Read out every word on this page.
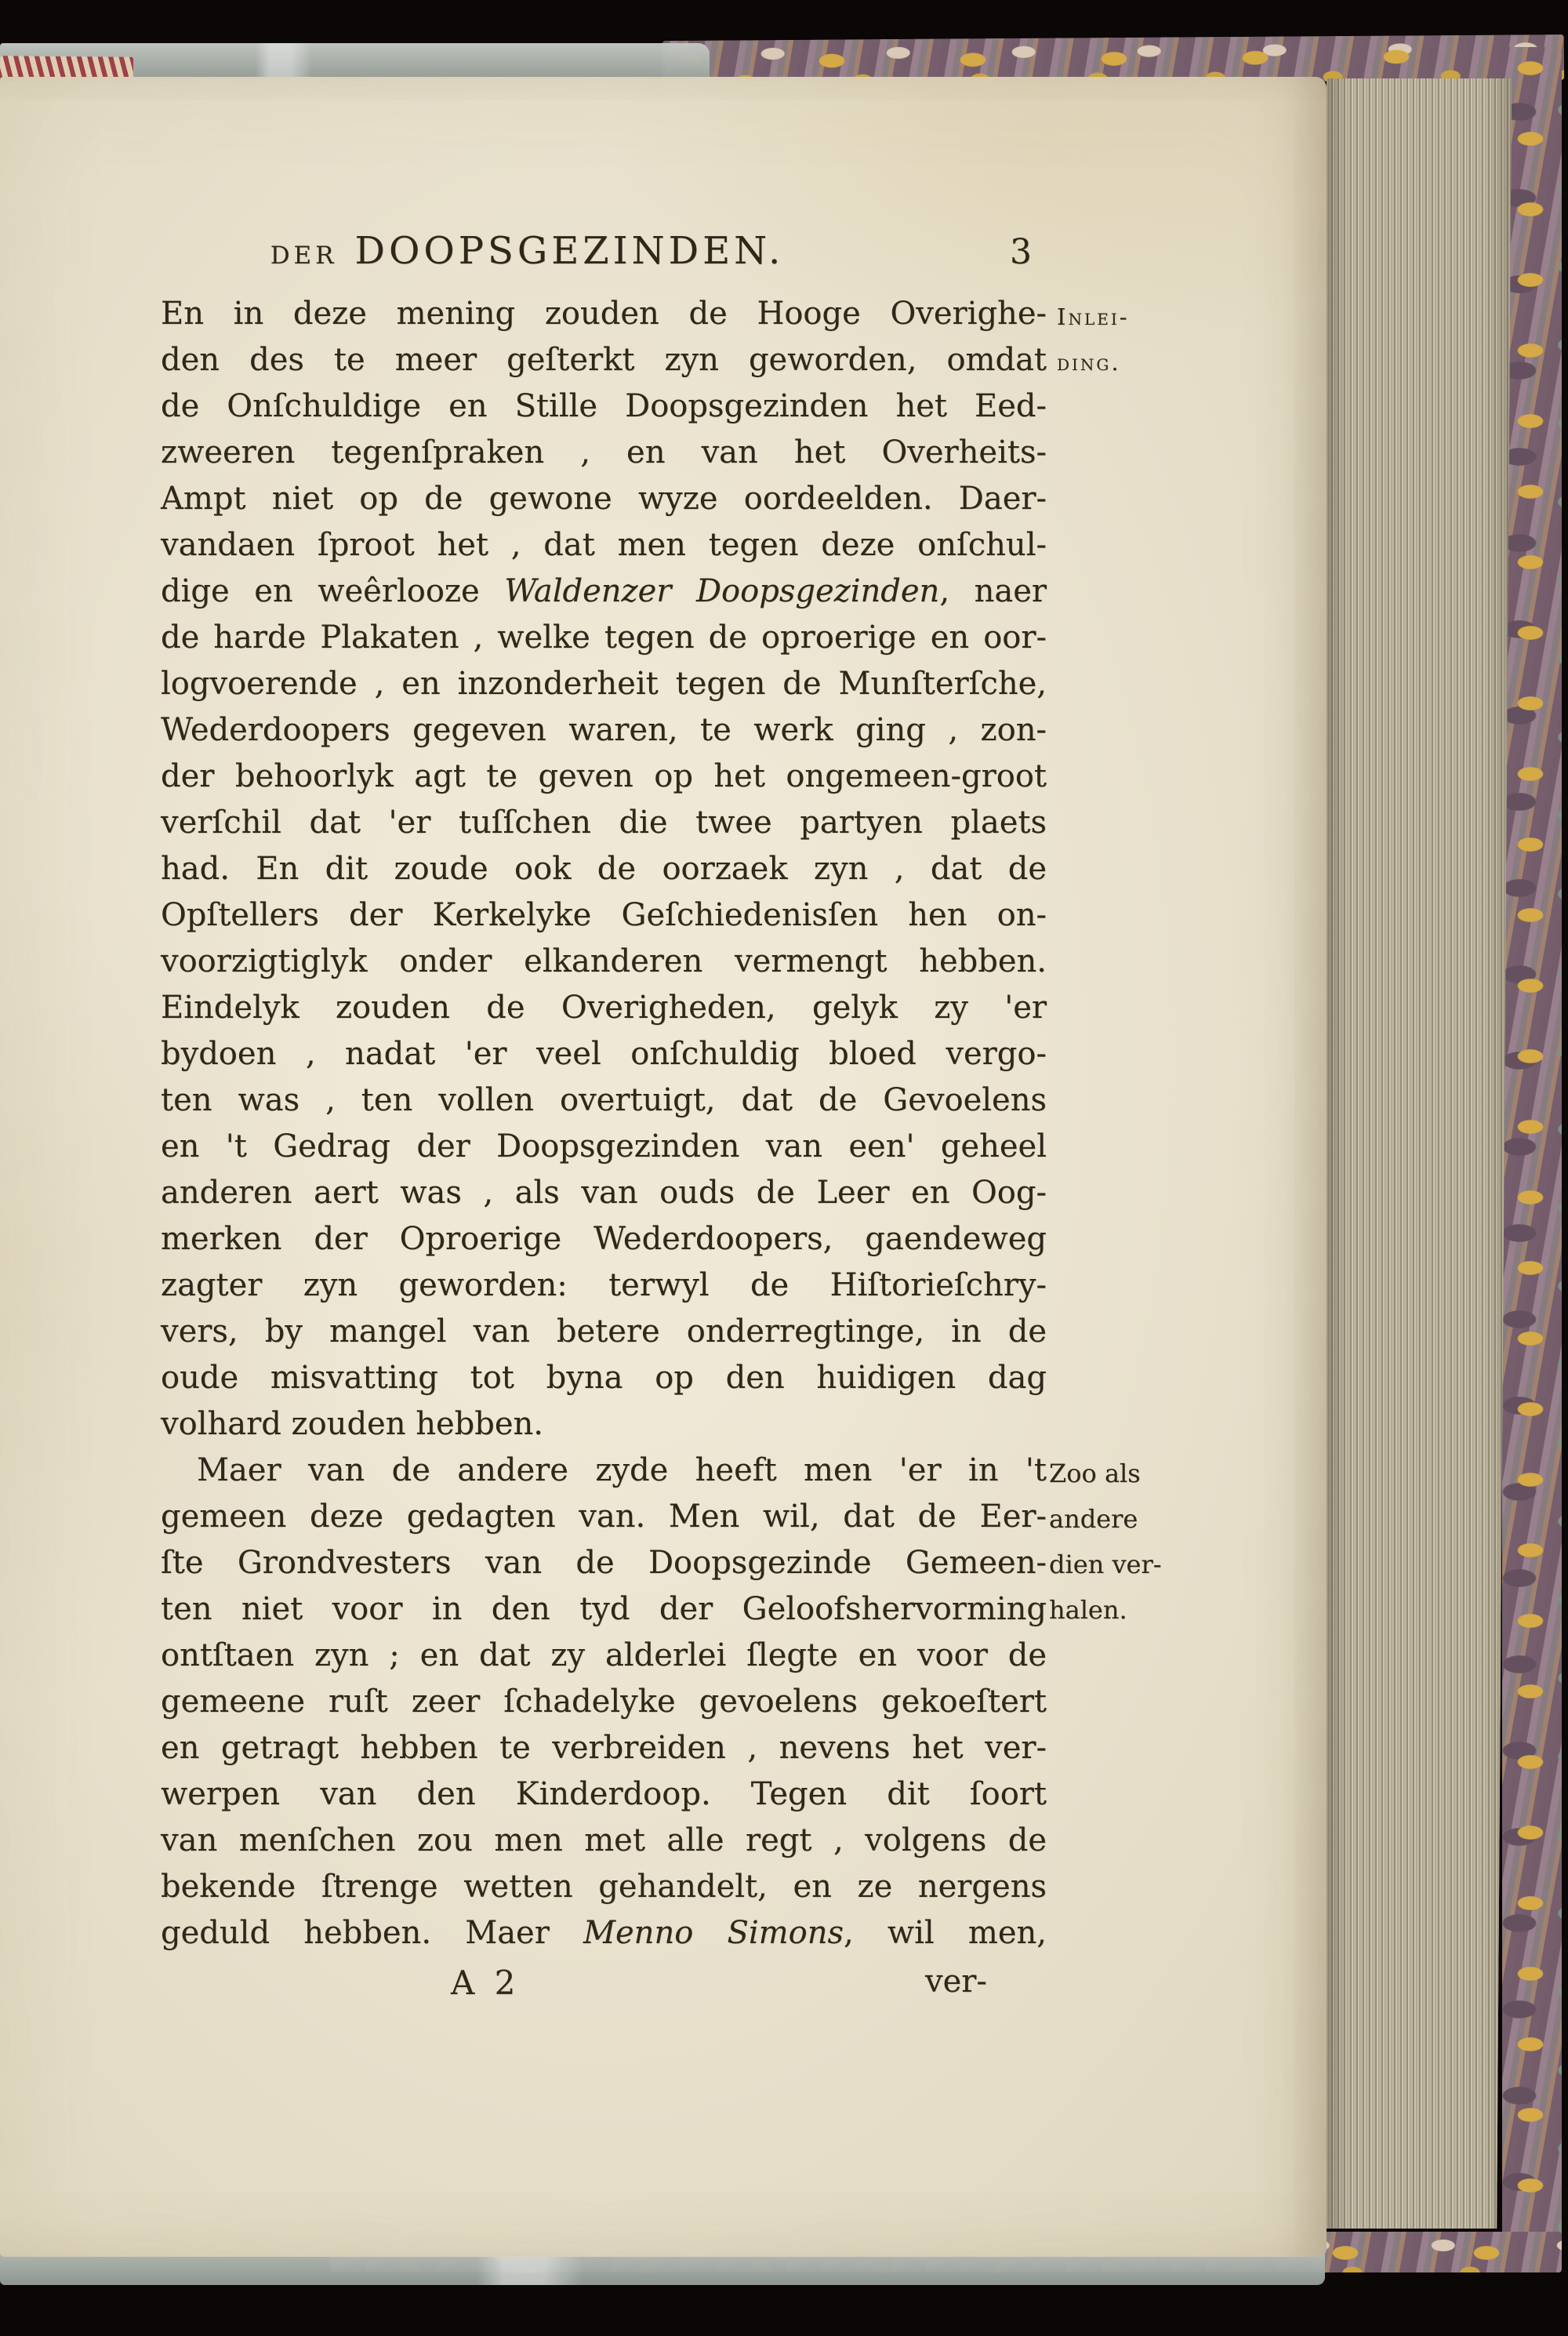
DER DOOPSGEZINDEN.	3
Inlei-
ding.
En in deze mening zouden de Hooge Overighe-
den des te meer geſterkt zyn geworden, omdat
de Onſchuldige en Stille Doopsgezinden het Eed-
zweeren tegenſpraken , en van het Overheits-
Ampt niet op de gewone wyze oordeelden. Daer-
vandaen ſproot het , dat men tegen deze onſchul-
dige en weêrlooze Waldenzer Doopsgezinden, naer
de harde Plakaten , welke tegen de oproerige en oor-
logvoerende , en inzonderheit tegen de Munſterſche,
Wederdoopers gegeven waren, te werk ging , zon-
der behoorlyk agt te geven op het ongemeen-groot
verſchil dat 'er tuſſchen die twee partyen plaets
had. En dit zoude ook de oorzaek zyn , dat de
Opſtellers der Kerkelyke Geſchiedenisſen hen on-
voorzigtiglyk onder elkanderen vermengt hebben.
Eindelyk zouden de Overigheden, gelyk zy 'er
bydoen , nadat 'er veel onſchuldig bloed vergo-
ten was , ten vollen overtuigt, dat de Gevoelens
en 't Gedrag der Doopsgezinden van een' geheel
anderen aert was , als van ouds de Leer en Oog-
merken der Oproerige Wederdoopers, gaendeweg
zagter zyn geworden: terwyl de Hiſtorieſchry-
vers, by mangel van betere onderregtinge, in de
oude misvatting tot byna op den huidigen dag
volhard zouden hebben.
Maer van de andere zyde heeft men 'er in 't
gemeen deze gedagten van. Men wil, dat de Eer-
ſte Grondvesters van de Doopsgezinde Gemeen-
ten niet voor in den tyd der Geloofshervorming
ontſtaen zyn ; en dat zy alderlei ſlegte en voor de
gemeene ruſt zeer ſchadelyke gevoelens gekoeſtert
en getragt hebben te verbreiden , nevens het ver-
werpen van den Kinderdoop. Tegen dit ſoort
van menſchen zou men met alle regt , volgens de
bekende ſtrenge wetten gehandelt, en ze nergens
geduld hebben. Maer Menno Simons, wil men,
Zoo als
andere
dien ver-
halen.
A 2	ver-
